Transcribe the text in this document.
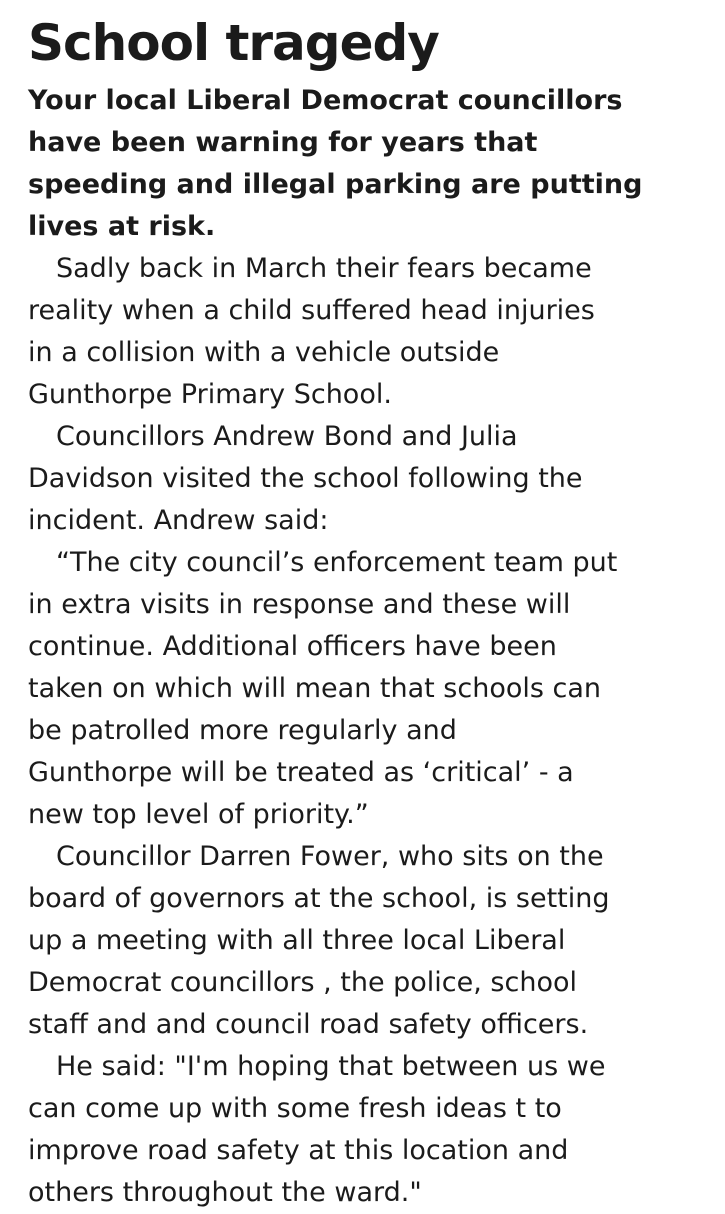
School tragedy

Your local Liberal Democrat councillors
have been warning for years that
speeding and illegal parking are putting
lives at risk.

Sadly back in March their fears became
reality when a child suffered head injuries
in a collision with a vehicle outside
Gunthorpe Primary School.

Councillors Andrew Bond and Julia
Davidson visited the school following the
incident. Andrew said:

“The city council’s enforcement team put
in extra visits in response and these will
continue. Additional officers have been
taken on which will mean that schools can
be patrolled more regularly and
Gunthorpe will be treated as ‘critical’ - a
new top level of priority.”

Councillor Darren Fower, who sits on the
board of governors at the school, is setting
up a meeting with all three local Liberal
Democrat councillors , the police, school
staff and and council road safety officers.

He said: "I'm hoping that between us we
can come up with some fresh ideas t to
improve road safety at this location and
others throughout the ward."
